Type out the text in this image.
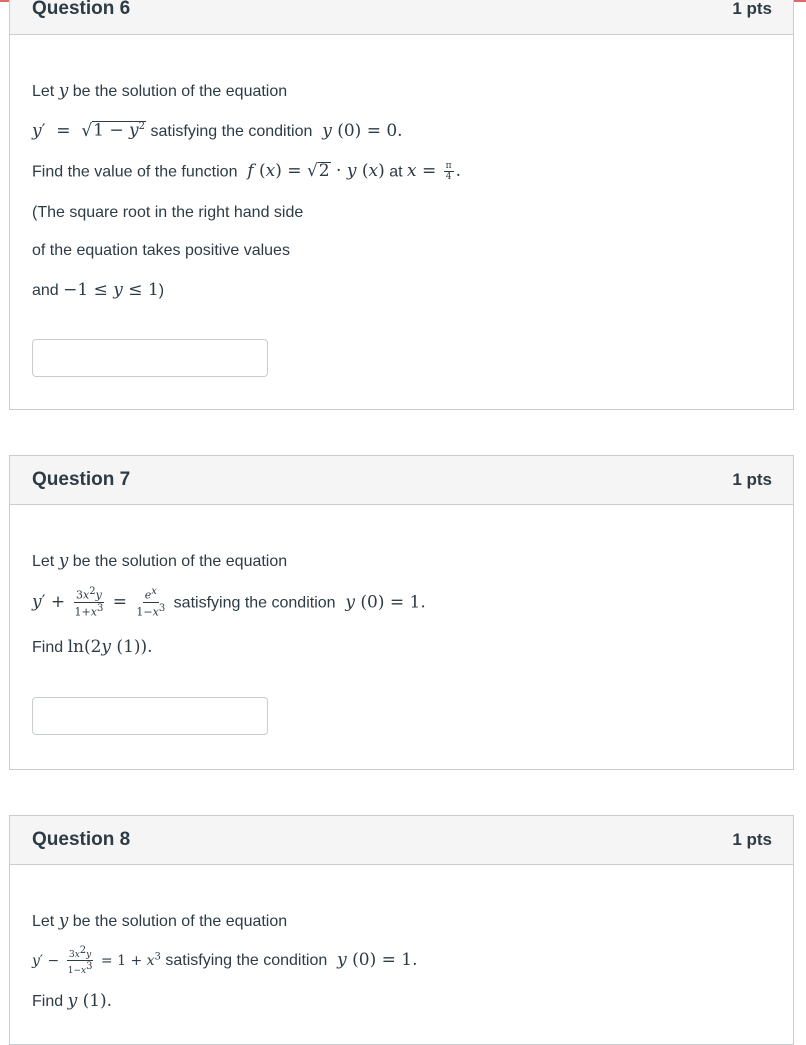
Question 6	1 pts
Let y be the solution of the equation
$y' = √1 - y^2$ satisfying the condition y (0) = 0.
Find the value of the function f (x) = √2 · y (x) at $x = \frac{\pi}{4}$ .
(The square root in the right hand side
of the equation takes positive values
and −1 ≤ y ≤ 1)
Question 7	1 pts
Let y be the solution of the equation
$y' + \frac{3x^2y}{1+x^3} = \frac{e^x}{1-x^3}$ satisfying the condition y (0) = 1.
Find ln(2y (1)).
Question 8	1 pts
Let y be the solution of the equation
$y' - \frac{3x^2y}{1-x^3} = 1 + x^3$ satisfying the condition y (0) = 1.
Find y (1).
